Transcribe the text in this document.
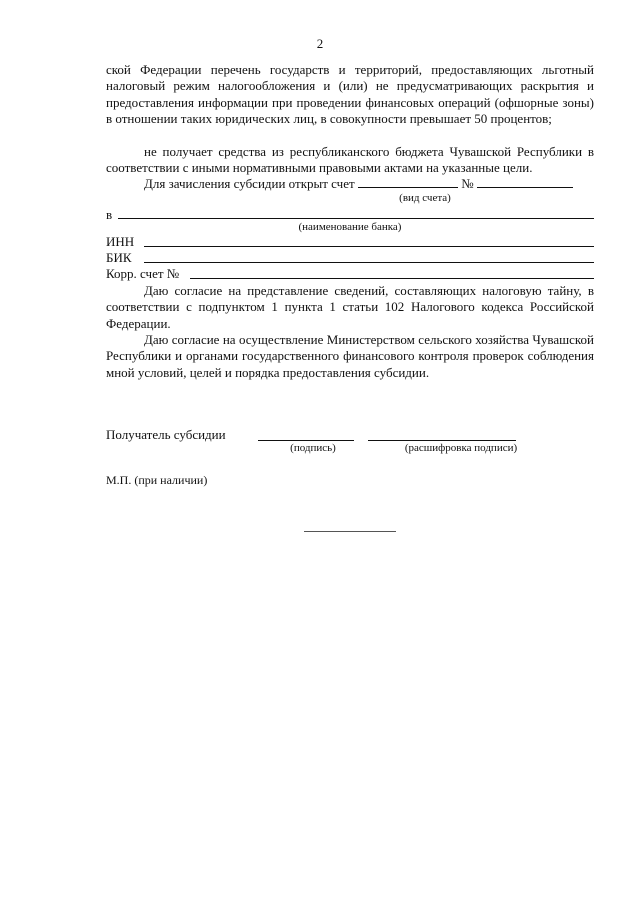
2
ской Федерации перечень государств и территорий, предоставляющих льготный налоговый режим налогообложения и (или) не предусматривающих раскрытия и предоставления информации при проведении финансовых операций (офшорные зоны) в отношении таких юридических лиц, в совокупности превышает 50 процентов;
не получает средства из республиканского бюджета Чувашской Республики в соответствии с иными нормативными правовыми актами на указанные цели.
Для зачисления субсидии открыт счет	№
(вид счета)
в
(наименование банка)
ИНН
БИК
Корр. счет №
Даю согласие на представление сведений, составляющих налоговую тайну, в соответствии с подпунктом 1 пункта 1 статьи 102 Налогового кодекса Российской Федерации.
Даю согласие на осуществление Министерством сельского хозяйства Чувашской Республики и органами государственного финансового контроля проверок соблюдения мной условий, целей и порядка предоставления субсидии.
Получатель субсидии
(подпись)	(расшифровка подписи)
М.П. (при наличии)
